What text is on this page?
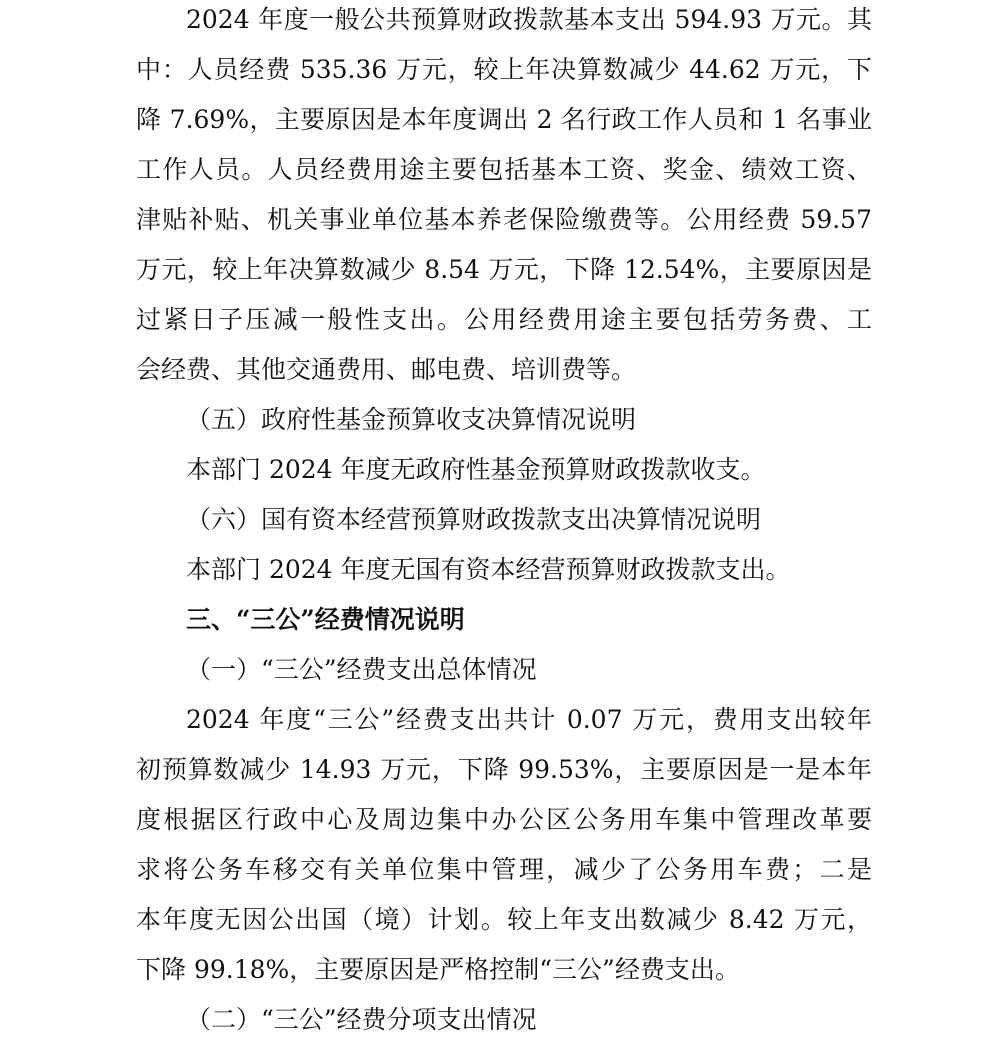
2024 年度一般公共预算财政拨款基本支出 594.93 万元。其
中：人员经费 535.36 万元，较上年决算数减少 44.62 万元，下
降 7.69%，主要原因是本年度调出 2 名行政工作人员和 1 名事业
工作人员。人员经费用途主要包括基本工资、奖金、绩效工资、
津贴补贴、机关事业单位基本养老保险缴费等。公用经费 59.57
万元，较上年决算数减少 8.54 万元，下降 12.54%，主要原因是
过紧日子压减一般性支出。公用经费用途主要包括劳务费、工
会经费、其他交通费用、邮电费、培训费等。
（五）政府性基金预算收支决算情况说明
本部门 2024 年度无政府性基金预算财政拨款收支。
（六）国有资本经营预算财政拨款支出决算情况说明
本部门 2024 年度无国有资本经营预算财政拨款支出。
三、“三公”经费情况说明
（一）“三公”经费支出总体情况
2024 年度“三公”经费支出共计 0.07 万元，费用支出较年
初预算数减少 14.93 万元，下降 99.53%，主要原因是一是本年
度根据区行政中心及周边集中办公区公务用车集中管理改革要
求将公务车移交有关单位集中管理，减少了公务用车费；二是
本年度无因公出国（境）计划。较上年支出数减少 8.42 万元，
下降 99.18%，主要原因是严格控制“三公”经费支出。
（二）“三公”经费分项支出情况
